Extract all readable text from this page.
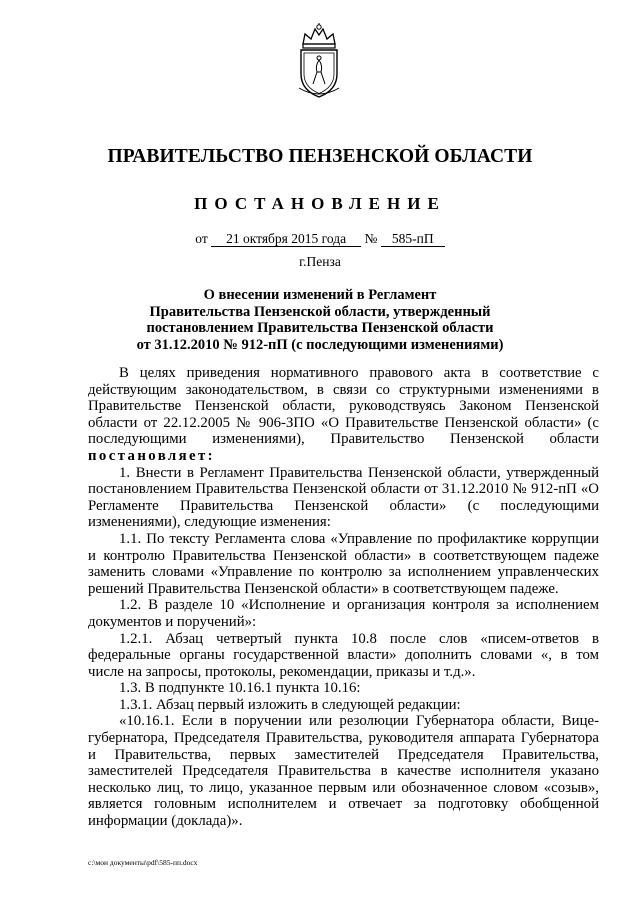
ПРАВИТЕЛЬСТВО ПЕНЗЕНСКОЙ ОБЛАСТИ
ПОСТАНОВЛЕНИЕ
от 21 октября 2015 года № 585-пП
г.Пенза
О внесении изменений в Регламент
Правительства Пензенской области, утвержденный
постановлением Правительства Пензенской области
от 31.12.2010 № 912-пП (с последующими изменениями)

В целях приведения нормативного правового акта в соответствие с действующим законодательством, в связи со структурными изменениями в Правительстве Пензенской области, руководствуясь Законом Пензенской области от 22.12.2005 № 906-ЗПО «О Правительстве Пензенской области» (с последующими изменениями), Правительство Пензенской области постановляет:

1. Внести в Регламент Правительства Пензенской области, утвержденный постановлением Правительства Пензенской области от 31.12.2010 № 912-пП «О Регламенте Правительства Пензенской области» (с последующими изменениями), следующие изменения:

1.1. По тексту Регламента слова «Управление по профилактике коррупции и контролю Правительства Пензенской области» в соответствующем падеже заменить словами «Управление по контролю за исполнением управленческих решений Правительства Пензенской области» в соответствующем падеже.

1.2. В разделе 10 «Исполнение и организация контроля за исполнением документов и поручений»:

1.2.1. Абзац четвертый пункта 10.8 после слов «писем-ответов в федеральные органы государственной власти» дополнить словами «, в том числе на запросы, протоколы, рекомендации, приказы и т.д.».

1.3. В подпункте 10.16.1 пункта 10.16:

1.3.1. Абзац первый изложить в следующей редакции:

«10.16.1. Если в поручении или резолюции Губернатора области, Вице-губернатора, Председателя Правительства, руководителя аппарата Губернатора и Правительства, первых заместителей Председателя Правительства, заместителей Председателя Правительства в качестве исполнителя указано несколько лиц, то лицо, указанное первым или обозначенное словом «созыв», является головным исполнителем и отвечает за подготовку обобщенной информации (доклада)».

c:\мои документы\pdf\585-пп.docx
